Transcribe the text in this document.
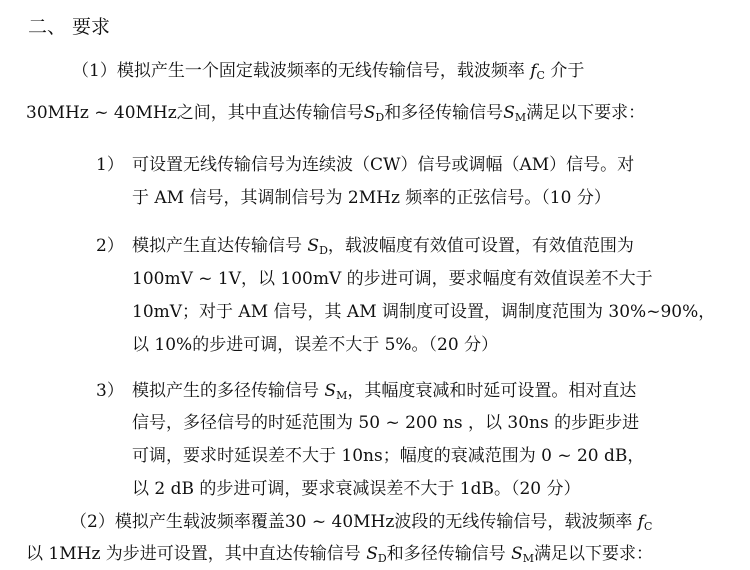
二、 要求
（1）模拟产生一个固定载波频率的无线传输信号，载波频率 $f_C$ 介于
30MHz ~ 40MHz之间，其中直达传输信号$S_D$和多径传输信号$S_M$满足以下要求：
1） 可设置无线传输信号为连续波（CW）信号或调幅（AM）信号。对
于 AM 信号，其调制信号为 2MHz 频率的正弦信号。（10 分）
2） 模拟产生直达传输信号 $S_D$，载波幅度有效值可设置，有效值范围为
100mV ~ 1V，以 100mV 的步进可调，要求幅度有效值误差不大于
10mV；对于 AM 信号，其 AM 调制度可设置，调制度范围为 30%~90%，
以 10%的步进可调，误差不大于 5%。（20 分）
3） 模拟产生的多径传输信号 $S_M$，其幅度衰减和时延可设置。相对直达
信号，多径信号的时延范围为 50 ~ 200 ns ，以 30ns 的步距步进
可调，要求时延误差不大于 10ns；幅度的衰减范围为 0 ~ 20 dB，
以 2 dB 的步进可调，要求衰减误差不大于 1dB。（20 分）
（2）模拟产生载波频率覆盖30 ~ 40MHz波段的无线传输信号，载波频率 $f_C$
以 1MHz 为步进可设置，其中直达传输信号 $S_D$和多径传输信号 $S_M$满足以下要求：
